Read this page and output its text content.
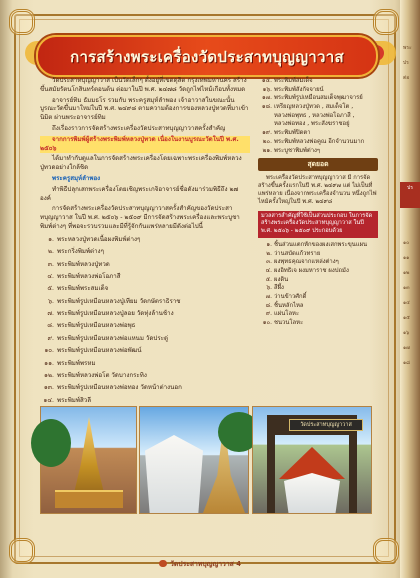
การสร้างพระเครื่องวัดประสาทบุญญาวาส

วัดประสาทบุญญาวาส เป็นวัดเล็กๆ ตั้งอยู่ที่เขตดุสิต กรุงเทพมหานคร สร้างขึ้นสมัยรัตนโกสินทร์ตอนต้น ต่อมาในปี พ.ศ. ๒๔๗๘ วัดถูกไฟไหม้เกือบทั้งหมด

อาจารย์ทิม ธัมมธโร รวมกับ พระครูสมุห์ลำพอง เจ้าอาวาสในขณะนั้นบูรณะวัดขึ้นมาใหม่ในปี พ.ศ. ๒๔๙๘ ตามความต้องการของหลวงปู่ทวดที่มาเข้านิมิต ผ่านพระอาจารย์ทิม

ถึงเรื่องราวการจัดสร้างพระเครื่องวัดประสาทบุญญาวาสครั้งสำคัญ

จากการพิมพ์ผู้สร้างพระพิมพ์หลวงปู่ทวด เนื่องในงานบูรณะวัดในปี พ.ศ. ๒๕๐๖

ได้มาทำกับดูแลในการจัดสร้างพระเครื่องโดยเฉพาะพระเครื่องพิมพ์หลวงปู่ทวดอย่างใกล้ชิด

พระครูสมุห์ลำพอง

ทำพิธีปลุกเสกพระเครื่องโดยเชิญพระเกจิอาจารย์ชื่อดังมาร่วมพิธีถึง ๒๗ องค์

การจัดสร้างพระเครื่องวัดประสาทบุญญาวาสครั้งสำคัญของวัดประสาทบุญญาวาส ในปี พ.ศ. ๒๕๐๖ - ๒๕๐๙ มีการจัดสร้างพระเครื่องและพระบูชาพิมพ์ต่างๆ ที่พอจะรวบรวมและมีที่รู้จักกันแพร่หลายมีดังต่อไปนี้

๑. พระหลวงปู่ทวดเนื้อผงพิมพ์ต่างๆ
๒. พระกริ่งพิมพ์ต่างๆ
๓. พระพิมพ์หลวงปู่ทวด
๔. พระพิมพ์หลวงพ่อโอภาสี
๕. พระพิมพ์พระสมเด็จ
๖. พระพิมพ์รูปเหมือนหลวงปู่เทียม วัดกษัตราธิราช
๗. พระพิมพ์รูปเหมือนหลวงปู่ลอย วัดทุ่งล้านช้าง
๘. พระพิมพ์รูปเหมือนหลวงพ่อพุธ
๙. พระพิมพ์รูปเหมือนหลวงพ่อแหนม วัดประดู่
๑๐. พระพิมพ์รูปเหมือนหลวงพ่อพัฒน์
๑๑. พระพิมพ์พรหม
๑๒. พระพิมพ์หลวงพ่อโต วัดบางกระทิง
๑๓. พระพิมพ์รูปเหมือนหลวงพ่อทอง วัดหน้าต่างนอก
๑๔. พระพิมพ์สิวลี
๑๕. พระพิมพ์สมเด็จ
๑๖. พระพิมพ์สังกัจจายน์
๑๗. พระพิมพ์รูปเหมือนสมเด็จพุฒาจารย์
๑๘. เหรียญหลวงปู่ทวด , สมเด็จโต ,
หลวงพ่อพุทธ , หลวงพ่อโอภาสี ,
หลวงพ่อทอง , พระสังฆราชอยู่
๑๙. พระพิมพ์ปิดตา
๒๐. พระพิมพ์หลวงพ่อคูณ อีกจำนวนมาก
๒๑. พระบูชาพิมพ์ต่างๆ
สุดยอด

พระเครื่องวัดประสาทบุญญาวาส มี การจัดสร้างขึ้นครั้งแรกในปี พ.ศ. ๒๔๙๗ แต่ ไม่เป็นที่แพร่หลาย เนื่องจากพระเครื่องจำนวน หนึ่งถูกไฟไหม้ครั้งใหญ่ในปี พ.ศ. ๒๔๙๘

มวลสารสำคัญที่ใช้เป็นส่วนประกอบ ในการจัดสร้างพระเครื่องวัดประสาทบุญญาวาส ในปี พ.ศ. ๒๕๐๖ - ๒๕๐๙ ประกอบด้วย
๑. ชิ้นส่วนแตกหักของผงเสกพระขุนแผน
๒. ว่านสบัดแก้วทราย
๓. ผงพุทธคุณจากแหล่งต่างๆ
๔. ผงอิทธิเจ ผงมหาราช ผงปถมัง
๕. ผงดิน
๖. สีผึ้ง
๗. ว่านข้าวศักดิ์
๘. ชิ้นหลักไหล
๙. แผ่นโลหะ
๑๐. ชนวนโลหะ
วัดประสาทบุญญาวาส
วัดประสาทบุญญาวาส 4
พระ
ปร
ต่อ
ปร
๑๐
๑๑
๑๒
๑๓
๑๔
๑๕
๑๖
๑๗
๑๘
